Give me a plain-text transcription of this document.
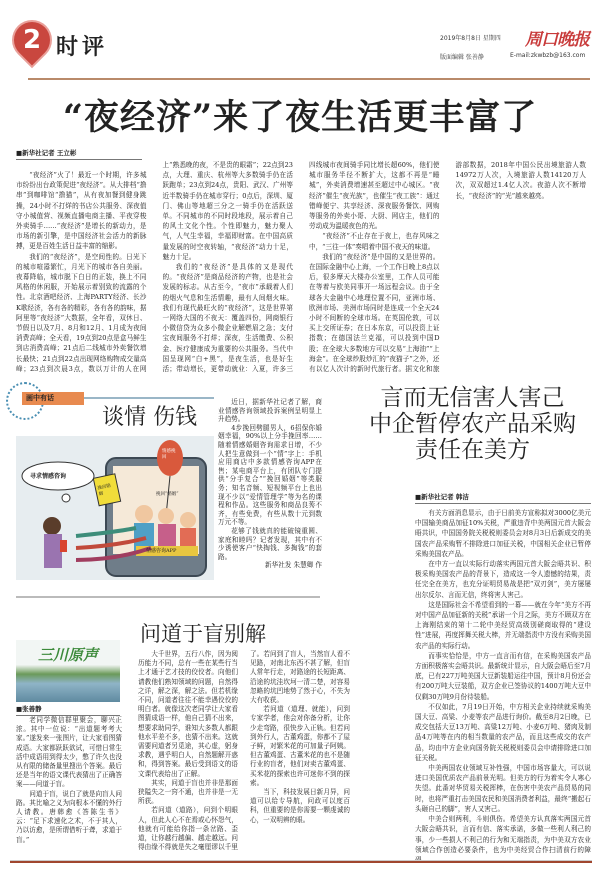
2 时评	2019年8月8日 星期四 周口晚报
版面编辑 张善静	E-mail:zkwbzb@163.com
“夜经济”来了夜生活更丰富了
■新华社记者 王立彬

“夜经济”火了！最近一个时期，许多城市纷纷出台政策促进“夜经济”。从大排档“撸串”到咖啡馆“撸猫”，从有夜加餐到健身跳操，24小时不打烊的书店公共服务、深夜值守小城值营、视频直播电商主播、平夜穿梭外卖骑手……“夜经济”是增长的新动力，是市场的新引擎，是中国经济社会活力的新脉搏，更是百姓生活日益丰富的缩影。

我们的“夜经济”，是空间性的。日光下的城市喧嚣繁忙，月光下的城市各自美丽。夜幕降临，城市脱下白日的正装，换上不同风格的休闲服，开始展示着别致的流露的个性。北京酒吧经济、上海PARTY经济、长沙K歌经济，各有各的精彩，各有各的韵味，据阿里等“夜经济”大数据，全年看，双休日、节假日以及7月、8月和12月、1月成为夜间消费高峰；全天看，19点到20点是盒马鲜生到店消费高峰；21点后二线城市外卖餐饮增长最快；21点到22点出现网络购物成交量高峰；23点到次晨3点，数以万计的人在网上“熟悉晚的夜，不是贵的眼霜”；22点到23点，大理、重庆、杭州等大多数骑手仍在活跃跑单；23点到24点，贵阳、武汉、广州等近半数骑手仍在城市穿行；0点后，深圳、厦门、佛山等地超三分之一骑手仍在活跃送单。不同城市的不同时段地段，展示着自己的风土文化个性。个性即魅力，魅力聚人气，人气生幸福，幸福即财富。在中国高质量发展的时空夜转轴，“夜经济”动力十足，魅力十足。

我们的“夜经济”是具体的又是现代的。“夜经济”是商品经济的产物，也是社会发展的标志。从古至今，“夜市”承载着人们的烟火气息和生活情趣，最有人间烟火味。我们有现代最旺火的“夜经济”，这是世界第一网络大国的不夜天：覆盖四份，网商银行小微信贷为众多小微企业解燃眉之急；支付宝夜间服务不打烊；深夜，生活缴费、公积金、医疗健康成为重要的公共服务。当代中国呈现网“白+黑”，是夜生活，也是好生活；带动增长，更带动就业：入夏，许多三四线城市夜间骑手同比增长超60%，他们使城市服务半径不断扩大，这都不再是“睡城”，外卖消费增速甚至超过中心城区。“夜经济”催生“夜光族”，也催生“夜工族”：通过错峰便宁、共享经济、深夜服务餐饮、网购等服务的外卖小哥、大厨、网店主，他们的劳动成为温暖夜色的光。

“夜经济”不止存在于夜上，也存风味之中，“三往一体”奏唱着中国不夜天的味道。

我们的“夜经济”是中国的又是世界的。在国际金融中心上海，一个工作日晚上8点以后，很多摩天大楼办公室里，工作人员可能在等着与欧美同事开一场远程会议。由于全球各大金融中心地理位置不同，亚洲市场、欧洲市场、美洲市场同时是连成一个全天24小时不间断的全球市场。在英国伦敦，可以买上交所证券；在日本东京，可以投资上证指数；在德国法兰克福，可以投到中国D股；在全球大多数地方可以交易“上海油”“上海金”。在全球炒股炒汇的“夜猫子”之外，还有以亿人次计的新时代旅行者。据文化和旅游部数据，2018年中国公民出境旅游人数14972万人次，入境旅游人数14120万人次，双双超过1.4亿人次。夜游人次不断增长，“夜经济”的“光”越来越亮。

画中有话
谈情 伤钱
寻求情感咨询
挽回婚姻
情感挽回
挽回“婚姻”
情感咨询APP

近日，据新华社记者了解，商业情感咨询领域投诉案例呈明显上升趋势。

4步挽回劈腿男人，6招保你婚姻幸福，90%以上分手挽回率……随着情感婚姻咨询需求日增，不少人把生意做到一个“情”字上：手机应用商店中多款情感咨询APP在售；某电商平台上，有团队专门提供“分手复合”“挽回婚姻”等类服务；知名音频、短视频平台上也出现不少以“爱情管理学”等为名的课程和作品。这些服务和商品良莠不齐，有些免费，有些从数十元到数万元不等。

花够了钱就真的能破镜重圆、家庭和睦吗？记者发现，其中有不少诱使客户“快掏钱、多掏钱”的套路。

新华社发 朱慧卿 作
言而无信害人害己
中企暂停农产品采购
责任在美方
■新华社记者 韩洁

有关方面消息显示，由于日前美方宣称拟对3000亿美元中国输美商品加征10%关税，严重违背中美两国元首大阪会晤共识，中国国务院关税税则委员会对8月3日后新成交的美国农产品采购暂不排除进口加征关税，中国相关企业已暂停采购美国农产品。

在中方一直以实际行动落实两国元首大阪会晤共识、积极采购美国农产品的背景下，造成这一令人遗憾的结果，责任完全在美方，也充分证明贸易战是把“双刃剑”，美方屡屡出尔反尔、言而无信，终将害人害己。

这是国际社会不希望看到的一幕——就在今年“美方不再对中国产品加征新的关税”承诺一个月之际，美方不顾双方在上海刚结束的第十二轮中美经贸高级别磋商取得的“建设性”进展，再度挥舞关税大棒，并无端指责中方没有采购美国农产品的实际行动。

而事实恰恰是，中方一直言而有信，在采购美国农产品方面积极落实会晤共识。最新统计显示，自大阪会晤后至7月底，已有227万吨美国大豆新装船运往中国，预计8月份还会有200万吨大豆装船，双方企业已签协议的1400万吨大豆中仅剩30万吨9月份待装船。

不仅如此，7月19日开始，中方相关企业持续就采购美国大豆、高粱、小麦等农产品进行询价。截至8月2日晚，已成交包括大豆13万吨、高粱12万吨、小麦6万吨、猪肉及制品4万吨等在内的相当数量的农产品，而且这些成交的农产品，均由中方企业向国务院关税税则委员会申请排除进口加征关税。

中美两国农业领域互补性强，中国市场容量大，可以说进口美国优质农产品前景光明。但美方的行为着实令人寒心失望。此番对华贸易关税挥棒，在伤害中美农产品贸易的同时，也将严重打击美国农民和美国消费者利益，最终“搬起石头砸自己的脚”，害人又害己。

中美合则两利，斗则俱伤。希望美方认真落实两国元首大阪会晤共识，言而有信、落实承诺，多做一些利人利己的事，少一些损人不利己的行为和无端指责，为中美双方农业领域合作创造必要条件，也为中美经贸合作扫清前行的障

问道于盲别解
三川原声
■张善静

老同学微信群里聚会，聊兴正浓。其中一位说：“出道题考考大家。”遂发来一张图片，让大家看图猜成语。大家都跃跃欲试，可惜日常生活中成语用到得太少，憋了许久也没从有限的储备量里搜出个答案。最后还是当年的语文课代表猜出了正确答案——问道于盲。

问道于盲，说白了就是向盲人问路。其比喻之义为向根本不懂的外行人请教。唐韩愈《答陈生书》云：“足下求速化之术，不于其人，乃以访愈，是所谓借听于聋，求道于盲。”

大千世界，五行八作，因为阅历能力不同，总有一些在某些行当上才通于艺才技的佼佼者。向他们请教他们熟知领域的问题，自然得之详，解之深，解之法。但若机缘不同，问道者往往不能幸遇佼佼的明白者。就像这次老同学让大家看图猜成语一样，他自己猜不出来，想要求助同学，谁知大多数人都跟他水平差不多，也猜不出来。这就需要问道者另觅途，其心虚，躬身求教，遇乎明白人，自然题解开惑和，得到答案。最后受到语文的语文课代表给出了正解。

其实，问道于盲也并非是那面狭隘失之一窍不通，也并非是一无所获。

若问道（道路），问到个明眼人，但此人心不在焉或心怀怨气，他就有可能给你指一条岔路、歪道，让你越行越偏、越走越远。问得由缘不得就是失之毫厘谬以千里了。若问到了盲人，当然盲人看不见路，对南北东西不甚了解，但盲人常年行走，对路途的长短距离、沿途的坑洼坎坷一清二楚，对容易忽略的坑凹地势了然于心，不失为大有收获。

若问道（道理、就能），问到专家学者，他会对你备分析，让你少走弯路，很快步入正轨。但若问到外行人，古董鸡蛋，你都不了屋子鲜，对繁米花的可加量子阿姨。但古董鸡蛋、古董米花的也不是随行业的盲者，他们对卖古董鸡蛋、买米花的探索也许可迷你不到的探索。

当下，科技发展日新月异，问道可以给专导航，问政可以度百科，但重要的是你需要一颗虔诚的心，一双明辨的眼。
